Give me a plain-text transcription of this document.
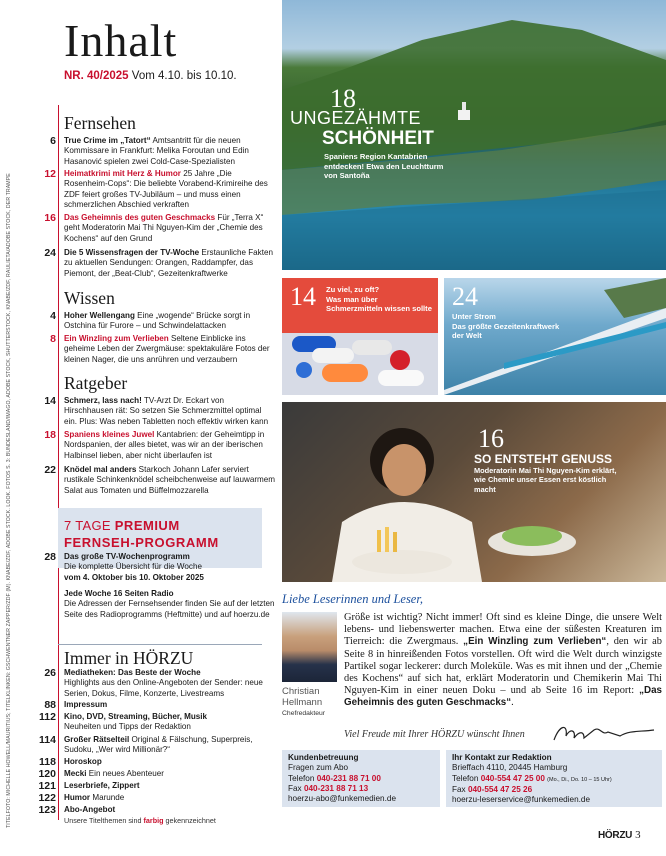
TITELFOTO: MICHELLE HOWELL/MAURITIUS; TITELKLINKEN: GSCHWENTNER ZAPPER/ZDF (M). KNABE/ZDF, ADOBE STOCK. LOOK. FOTOS S. 3: BUNDESLAND/IMAGO, ADOBE STOCK, SHUTTERSTOCK, KNABE/ZDF, RAULIETA/ADOBE STOCK, DER TRAMPE
Inhalt
NR. 40/2025 Vom 4.10. bis 10.10.
Fernsehen
6 True Crime im „Tatort“ Amtsantritt für die neuen Kommissare in Frankfurt: Melika Foroutan und Edin Hasanović spielen zwei Cold-Case-Spezialisten
12 Heimatkrimi mit Herz & Humor 25 Jahre „Die Rosenheim-Cops“: Die beliebte Vorabend-Krimireihe des ZDF feiert großes TV-Jubiläum – und muss einen schmerzlichen Abschied verkraften
16 Das Geheimnis des guten Geschmacks Für „Terra X“ geht Moderatorin Mai Thi Nguyen-Kim der „Chemie des Kochens“ auf den Grund
24 Die 5 Wissensfragen der TV-Woche Erstaunliche Fakten zu aktuellen Sendungen: Orangen, Raddampfer, das Piemont, der „Beat-Club“, Gezeitenkraftwerke
Wissen
4 Hoher Wellengang Eine „wogende“ Brücke sorgt in Ostchina für Furore – und Schwindelattacken
8 Ein Winzling zum Verlieben Seltene Einblicke ins geheime Leben der Zwergmäuse: spektakuläre Fotos der kleinen Nager, die uns anrühren und verzaubern
Ratgeber
14 Schmerz, lass nach! TV-Arzt Dr. Eckart von Hirschhausen rät: So setzen Sie Schmerzmittel optimal ein. Plus: Was neben Tabletten noch effektiv wirken kann
18 Spaniens kleines Juwel Kantabrien: der Geheimtipp in Nordspanien, der alles bietet, was wir an der iberischen Halbinsel lieben, aber nicht überlaufen ist
22 Knödel mal anders Starkoch Johann Lafer serviert rustikale Schinkenknödel scheibchenweise auf lauwarmem Salat aus Tomaten und Büffelmozzarella
7 TAGE PREMIUM
FERNSEH-PROGRAMM
28 Das große TV-Wochenprogramm
Die komplette Übersicht für die Woche
vom 4. Oktober bis 10. Oktober 2025
Jede Woche 16 Seiten Radio
Die Adressen der Fernsehsender finden Sie auf der letzten Seite des Radioprogramms (Heftmitte) und auf hoerzu.de
Immer in HÖRZU
26 Mediatheken: Das Beste der Woche
Highlights aus den Online-Angeboten der Sender: neue Serien, Dokus, Filme, Konzerte, Livestreams
88 Impressum
112 Kino, DVD, Streaming, Bücher, Musik
Neuheiten und Tipps der Redaktion
114 Großer Rätselteil Original & Fälschung, Superpreis, Sudoku, „Wer wird Millionär?“
118 Horoskop
120 Mecki Ein neues Abenteuer
121 Leserbriefe, Zippert
122 Humor Marunde
123 Abo-Angebot
Unsere Titelthemen sind farbig gekennzeichnet
18
UNGEZÄHMTE
SCHÖNHEIT
Spaniens Region Kantabrien entdecken! Etwa den Leuchtturm von Santoña
14 Zu viel, zu oft?
Was man über Schmerzmitteln wissen sollte 24
Unter Strom
Das größte Gezeitenkraftwerk der Welt
16
SO ENTSTEHT GENUSS
Moderatorin Mai Thi Nguyen-Kim erklärt, wie Chemie unser Essen erst köstlich macht
Liebe Leserinnen und Leser,
Christian
Hellmann
Chefredakteur
Größe ist wichtig? Nicht immer! Oft sind es kleine Dinge, die unsere Welt lebens- und liebenswerter machen. Etwa eine der süßesten Kreaturen im Tierreich: die Zwergmaus. „Ein Winzling zum Verlieben“, den wir ab Seite 8 in hinreißenden Fotos vorstellen. Oft wird die Welt durch winzigste Partikel sogar leckerer: durch Moleküle. Was es mit ihnen und der „Chemie des Kochens“ auf sich hat, erklärt Moderatorin und Chemikerin Mai Thi Nguyen-Kim in einer neuen Doku – und ab Seite 16 im Report: „Das Geheimnis des guten Geschmacks“.
Viel Freude mit Ihrer HÖRZU wünscht Ihnen
Kundenbetreuung
Fragen zum Abo
Telefon 040-231 88 71 00
Fax 040-231 88 71 13
hoerzu-abo@funkemedien.de
Ihr Kontakt zur Redaktion
Brieffach 4110, 20445 Hamburg
Telefon 040-554 47 25 00 (Mo., Di., Do. 10 – 15 Uhr)
Fax 040-554 47 25 26
hoerzu-leserservice@funkemedien.de
HÖRZU 3
